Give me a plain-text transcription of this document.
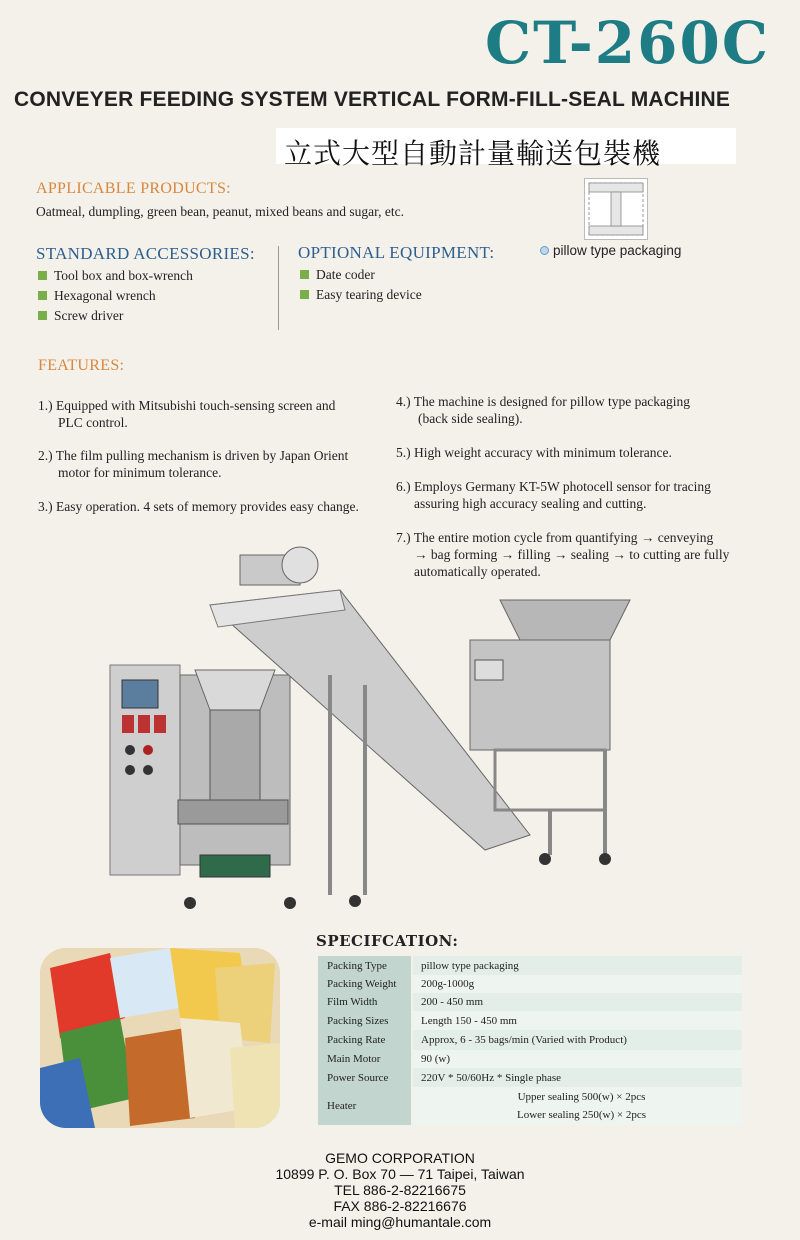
CT-260C
CONVEYER FEEDING SYSTEM VERTICAL FORM-FILL-SEAL MACHINE
立式大型自動計量輸送包裝機
APPLICABLE PRODUCTS:
Oatmeal, dumpling, green bean, peanut, mixed beans and sugar, etc.
pillow type packaging
STANDARD ACCESSORIES:
Tool box and box-wrench
Hexagonal wrench
Screw driver
OPTIONAL EQUIPMENT:
Date coder
Easy tearing device
FEATURES:
1.) Equipped with Mitsubishi touch-sensing screen and
PLC control.
2.) The film pulling mechanism is driven by Japan Orient
motor for minimum tolerance.
3.) Easy operation. 4 sets of memory provides easy change.
4.) The machine is designed for pillow type packaging
(back side sealing).
5.) High weight accuracy with minimum tolerance.
6.) Employs Germany KT-5W photocell sensor for tracing
assuring high accuracy sealing and cutting.
7.) The entire motion cycle from quantifying → cenveying
→ bag forming → filling → sealing → to cutting are fully
automatically operated.
SPECIFCATION:
Packing Type	pillow type packaging
Packing Weight	200g-1000g
Film Width	200 - 450 mm
Packing Sizes	Length 150 - 450 mm
Packing Rate	Approx, 6 - 35 bags/min (Varied with Product)
Main Motor	90 (w)
Power Source	220V * 50/60Hz * Single phase
Heater
Upper sealing 500(w) × 2pcs
Lower sealing 250(w) × 2pcs
GEMO CORPORATION
10899 P. O. Box 70 — 71 Taipei, Taiwan
TEL 886-2-82216675
FAX 886-2-82216676
e-mail ming@humantale.com
